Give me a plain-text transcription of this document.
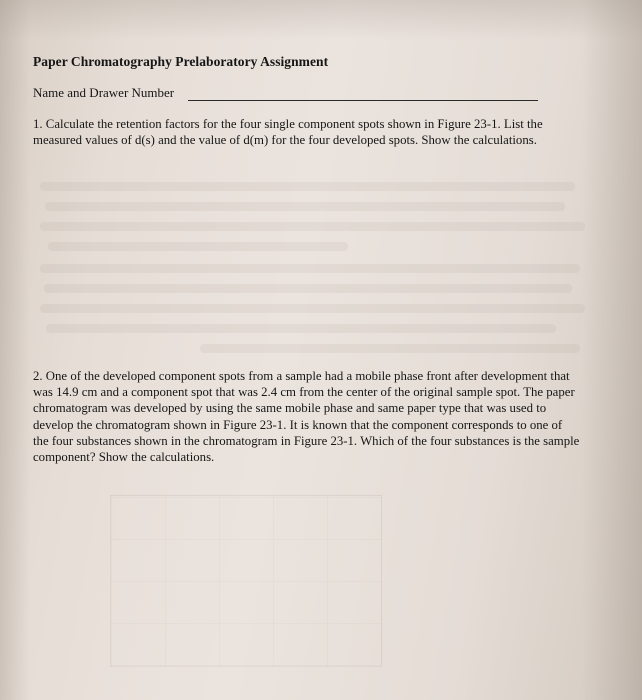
Paper Chromatography Prelaboratory Assignment
Name and Drawer Number
1. Calculate the retention factors for the four single component spots shown in Figure 23-1. List the measured values of d(s) and the value of d(m) for the four developed spots. Show the calculations.
2. One of the developed component spots from a sample had a mobile phase front after development that was 14.9 cm and a component spot that was 2.4 cm from the center of the original sample spot. The paper chromatogram was developed by using the same mobile phase and same paper type that was used to develop the chromatogram shown in Figure 23-1. It is known that the component corresponds to one of the four substances shown in the chromatogram in Figure 23-1. Which of the four substances is the sample component? Show the calculations.
